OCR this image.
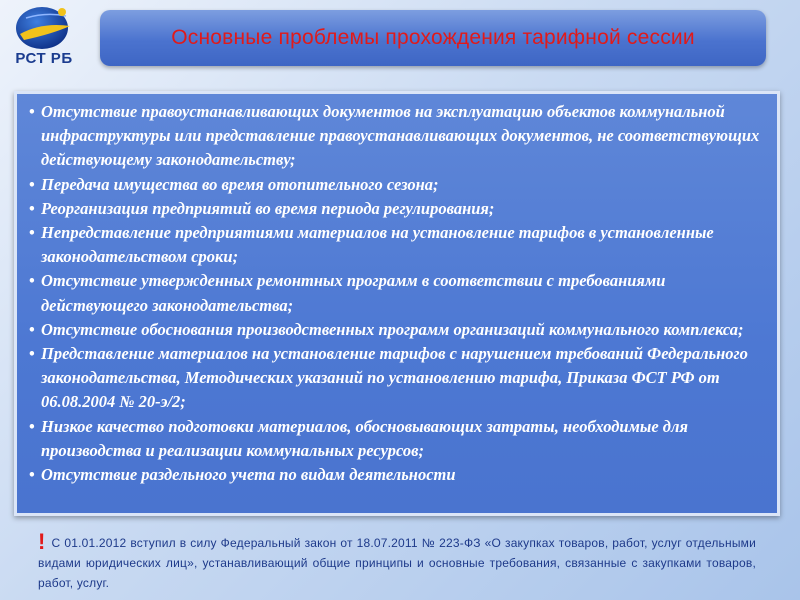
РСТ РБ
Основные проблемы прохождения тарифной сессии
• Отсутствие правоустанавливающих документов на эксплуатацию объектов коммунальной инфраструктуры или представление правоустанавливающих документов, не соответствующих действующему законодательству;
• Передача имущества во время отопительного сезона;
• Реорганизация предприятий во время периода регулирования;
• Непредставление предприятиями материалов на установление тарифов в установленные законодательством сроки;
• Отсутствие утвержденных ремонтных программ в соответствии с требованиями действующего законодательства;
• Отсутствие обоснования производственных программ организаций коммунального комплекса;
• Представление материалов на установление тарифов с нарушением требований Федерального законодательства, Методических указаний по установлению тарифа, Приказа ФСТ РФ от 06.08.2004 № 20-э/2;
• Низкое качество подготовки материалов, обосновывающих затраты, необходимые для производства и реализации коммунальных ресурсов;
• Отсутствие раздельного учета по видам деятельности
! С 01.01.2012 вступил в силу Федеральный закон от 18.07.2011 № 223-ФЗ «О закупках товаров, работ, услуг отдельными видами юридических лиц», устанавливающий общие принципы и основные требования, связанные с закупками товаров, работ, услуг.
